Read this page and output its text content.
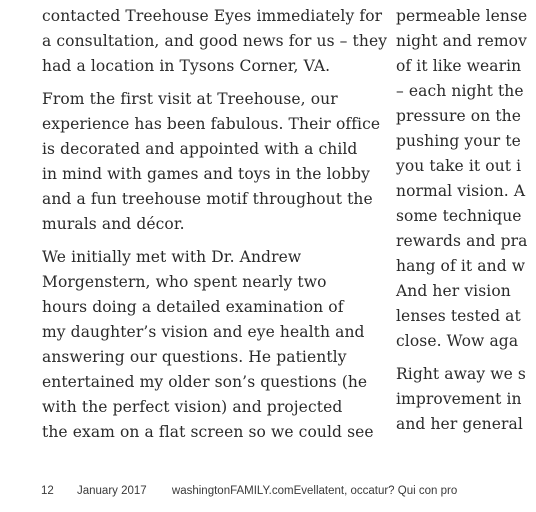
contacted Treehouse Eyes immediately for
a consultation, and good news for us – they
had a location in Tysons Corner, VA.

From the first visit at Treehouse, our
experience has been fabulous. Their office
is decorated and appointed with a child
in mind with games and toys in the lobby
and a fun treehouse motif throughout the
murals and décor.

We initially met with Dr. Andrew
Morgenstern, who spent nearly two
hours doing a detailed examination of
my daughter’s vision and eye health and
answering our questions. He patiently
entertained my older son’s questions (he
with the perfect vision) and projected
the exam on a flat screen so we could see

permeable lense
night and remov
of it like wearin
– each night the
pressure on the
pushing your te
you take it out i
normal vision. A
some technique
rewards and pra
hang of it and w
And her vision
lenses tested at
close. Wow aga

Right away we s
improvement in
and her general

12 January 2017 washingtonFAMILY.comEvellatent, occatur? Qui con pro
